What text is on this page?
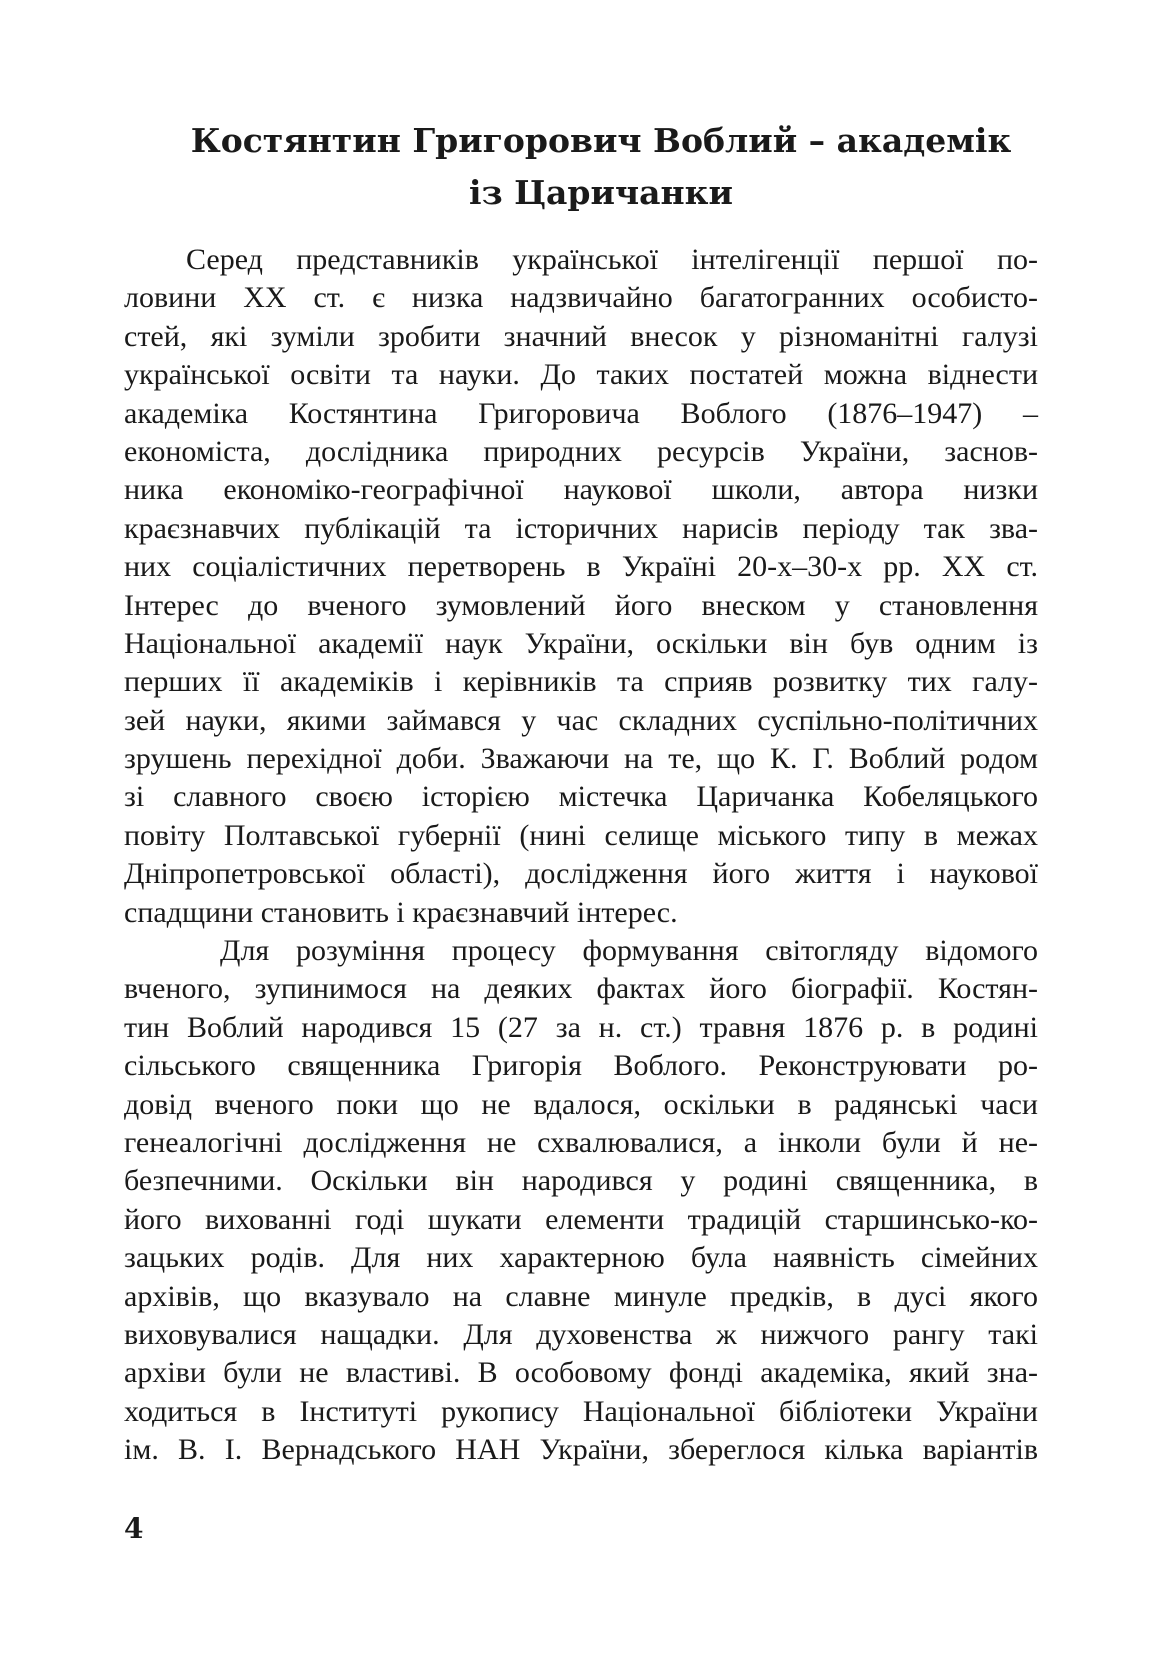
Костянтин Григорович Воблий – академік
із Царичанки
Серед представників української інтелігенції першої по-
ловини XX ст. є низка надзвичайно багатогранних особисто-
стей, які зуміли зробити значний внесок у різноманітні галузі
української освіти та науки. До таких постатей можна віднести
академіка Костянтина Григоровича Воблого (1876–1947) –
економіста, дослідника природних ресурсів України, заснов-
ника економіко-географічної наукової школи, автора низки
краєзнавчих публікацій та історичних нарисів періоду так зва-
них соціалістичних перетворень в Україні 20-х–30-х рр. XX ст.
Інтерес до вченого зумовлений його внеском у становлення
Національної академії наук України, оскільки він був одним із
перших її академіків і керівників та сприяв розвитку тих галу-
зей науки, якими займався у час складних суспільно-політичних
зрушень перехідної доби. Зважаючи на те, що К. Г. Воблий родом
зі славного своєю історією містечка Царичанка Кобеляцького
повіту Полтавської губернії (нині селище міського типу в межах
Дніпропетровської області), дослідження його життя і наукової
спадщини становить і краєзнавчий інтерес.
Для розуміння процесу формування світогляду відомого
вченого, зупинимося на деяких фактах його біографії. Костян-
тин Воблий народився 15 (27 за н. ст.) травня 1876 р. в родині
сільського священника Григорія Воблого. Реконструювати ро-
довід вченого поки що не вдалося, оскільки в радянські часи
генеалогічні дослідження не схвалювалися, а інколи були й не-
безпечними. Оскільки він народився у родині священника, в
його вихованні годі шукати елементи традицій старшинсько-ко-
зацьких родів. Для них характерною була наявність сімейних
архівів, що вказувало на славне минуле предків, в дусі якого
виховувалися нащадки. Для духовенства ж нижчого рангу такі
архіви були не властиві. В особовому фонді академіка, який зна-
ходиться в Інституті рукопису Національної бібліотеки України
ім. В. І. Вернадського НАН України, збереглося кілька варіантів
4
